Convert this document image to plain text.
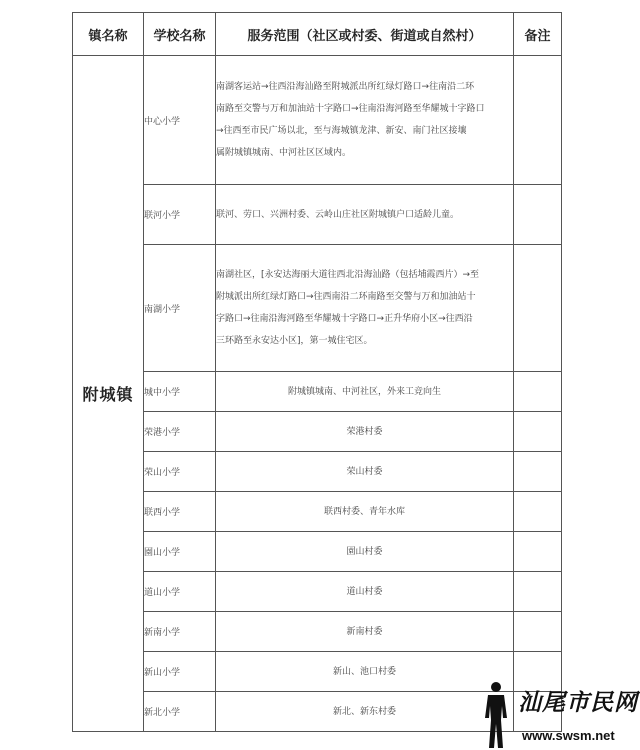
镇名称	学校名称	服务范围（社区或村委、街道或自然村）	备注
附城镇	中心小学	南湖客运站→往西沿海汕路至附城派出所红绿灯路口→往南沿二环
南路至交警与万和加油站十字路口→往南沿海河路至华耀城十字路口
→往西至市民广场以北，至与海城镇龙津、新安、南门社区接壤
属附城镇城南、中河社区区域内。	

	联河小学	联河、劳口、兴洲村委、云岭山庄社区附城镇户口适龄儿童。	

	南湖小学	南湖社区，[永安达海丽大道往西北沿海汕路（包括埔霞西片）→至
附城派出所红绿灯路口→往西南沿二环南路至交警与万和加油站十
字路口→往南沿海河路至华耀城十字路口→正升华府小区→往西沿
三环路至永安达小区]，第一城住宅区。	

	城中小学	附城镇城南、中河社区，外来工竞向生	

	荣港小学	荣港村委	

	荣山小学	荣山村委	

	联西小学	联西村委、青年水库	

	園山小学	園山村委	

	道山小学	道山村委	

	新南小学	新南村委	

	新山小学	新山、池口村委	

	新北小学	新北、新东村委	
		汕尾市民网
www.swsm.net
